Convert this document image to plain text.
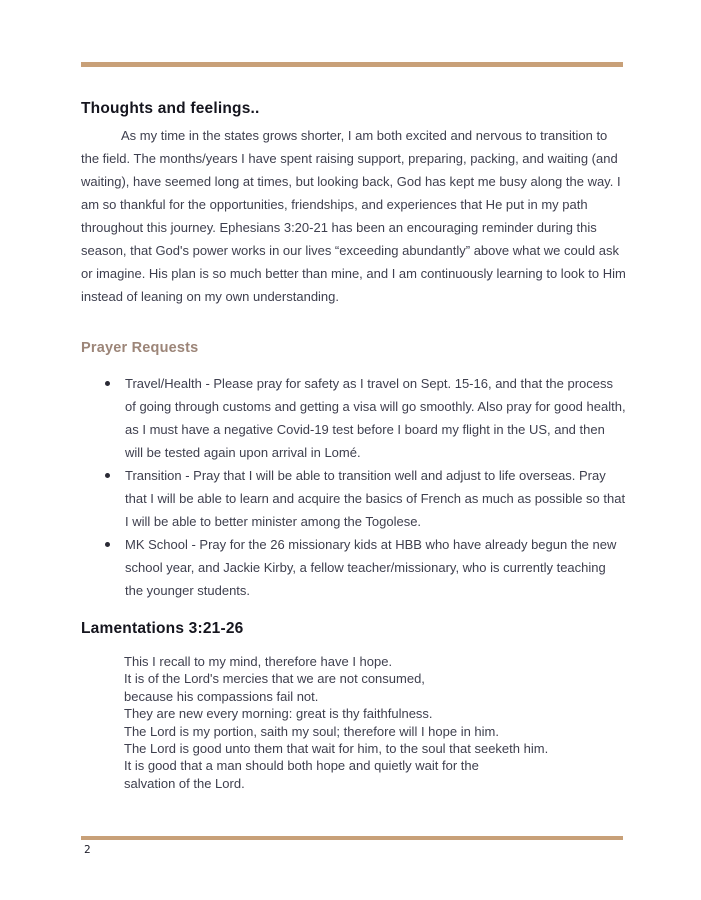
Thoughts and feelings..
As my time in the states grows shorter, I am both excited and nervous to transition to the field. The months/years I have spent raising support, preparing, packing, and waiting (and waiting), have seemed long at times, but looking back, God has kept me busy along the way. I am so thankful for the opportunities, friendships, and experiences that He put in my path throughout this journey. Ephesians 3:20-21 has been an encouraging reminder during this season, that God's power works in our lives “exceeding abundantly” above what we could ask or imagine. His plan is so much better than mine, and I am continuously learning to look to Him instead of leaning on my own understanding.
Prayer Requests
Travel/Health - Please pray for safety as I travel on Sept. 15-16, and that the process of going through customs and getting a visa will go smoothly. Also pray for good health, as I must have a negative Covid-19 test before I board my flight in the US, and then will be tested again upon arrival in Lomé.
Transition - Pray that I will be able to transition well and adjust to life overseas. Pray that I will be able to learn and acquire the basics of French as much as possible so that I will be able to better minister among the Togolese.
MK School - Pray for the 26 missionary kids at HBB who have already begun the new school year, and Jackie Kirby, a fellow teacher/missionary, who is currently teaching the younger students.
Lamentations 3:21-26
This I recall to my mind, therefore have I hope.
It is of the Lord's mercies that we are not consumed,
because his compassions fail not.
They are new every morning: great is thy faithfulness.
The Lord is my portion, saith my soul; therefore will I hope in him.
The Lord is good unto them that wait for him, to the soul that seeketh him.
It is good that a man should both hope and quietly wait for the
salvation of the Lord.
2
